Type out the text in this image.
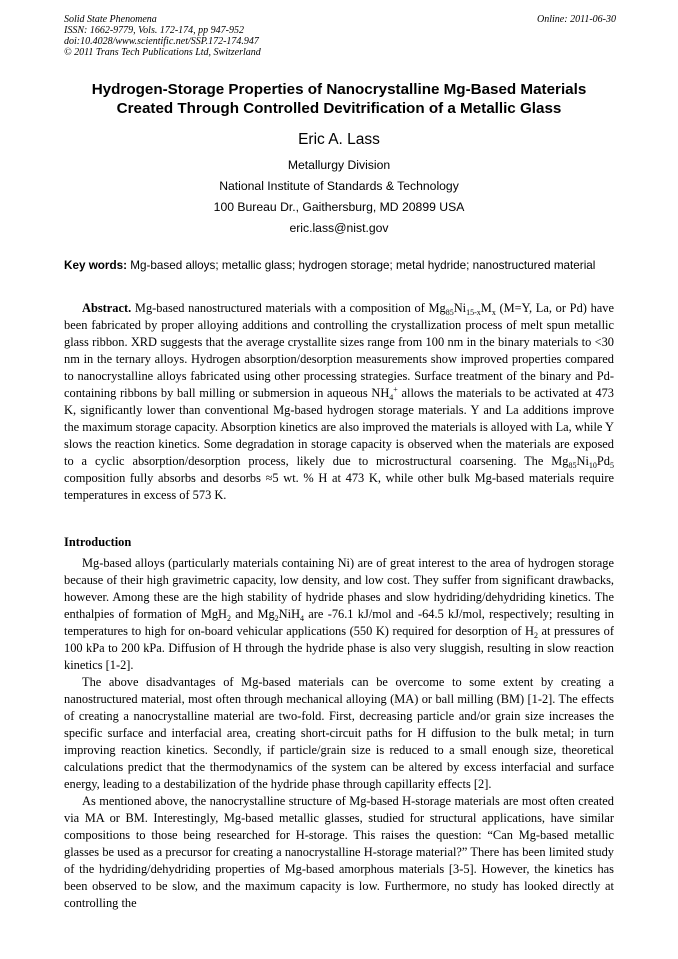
Solid State Phenomena
ISSN: 1662-9779, Vols. 172-174, pp 947-952
doi:10.4028/www.scientific.net/SSP.172-174.947
© 2011 Trans Tech Publications Ltd, Switzerland
Online: 2011-06-30
Hydrogen-Storage Properties of Nanocrystalline Mg-Based Materials
Created Through Controlled Devitrification of a Metallic Glass
Eric A. Lass
Metallurgy Division
National Institute of Standards & Technology
100 Bureau Dr., Gaithersburg, MD 20899 USA
eric.lass@nist.gov
Key words: Mg-based alloys; metallic glass; hydrogen storage; metal hydride; nanostructured material

Abstract. Mg-based nanostructured materials with a composition of $Mg_{85}Ni_{15-x}M_x$ (M=Y, La, or Pd) have been fabricated by proper alloying additions and controlling the crystallization process of melt spun metallic glass ribbon. XRD suggests that the average crystallite sizes range from 100 nm in the binary materials to <30 nm in the ternary alloys. Hydrogen absorption/desorption measurements show improved properties compared to nanocrystalline alloys fabricated using other processing strategies. Surface treatment of the binary and Pd-containing ribbons by ball milling or submersion in aqueous $NH_4^+$ allows the materials to be activated at 473 K, significantly lower than conventional Mg-based hydrogen storage materials. Y and La additions improve the maximum storage capacity. Absorption kinetics are also improved the materials is alloyed with La, while Y slows the reaction kinetics. Some degradation in storage capacity is observed when the materials are exposed to a cyclic absorption/desorption process, likely due to microstructural coarsening. The $Mg_{85}Ni_{10}Pd_5$ composition fully absorbs and desorbs ≈5 wt. % H at 473 K, while other bulk Mg-based materials require temperatures in excess of 573 K.

Introduction

Mg-based alloys (particularly materials containing Ni) are of great interest to the area of hydrogen storage because of their high gravimetric capacity, low density, and low cost. They suffer from significant drawbacks, however. Among these are the high stability of hydride phases and slow hydriding/dehydriding kinetics. The enthalpies of formation of MgH$_2$ and $Mg_2NiH_4$ are -76.1 kJ/mol and -64.5 kJ/mol, respectively; resulting in temperatures to high for on-board vehicular applications (550 K) required for desorption of $H_2$ at pressures of 100 kPa to 200 kPa. Diffusion of H through the hydride phase is also very sluggish, resulting in slow reaction kinetics [1-2].

The above disadvantages of Mg-based materials can be overcome to some extent by creating a nanostructured material, most often through mechanical alloying (MA) or ball milling (BM) [1-2]. The effects of creating a nanocrystalline material are two-fold. First, decreasing particle and/or grain size increases the specific surface and interfacial area, creating short-circuit paths for H diffusion to the bulk metal; in turn improving reaction kinetics. Secondly, if particle/grain size is reduced to a small enough size, theoretical calculations predict that the thermodynamics of the system can be altered by excess interfacial and surface energy, leading to a destabilization of the hydride phase through capillarity effects [2].

As mentioned above, the nanocrystalline structure of Mg-based H-storage materials are most often created via MA or BM. Interestingly, Mg-based metallic glasses, studied for structural applications, have similar compositions to those being researched for H-storage. This raises the question: “Can Mg-based metallic glasses be used as a precursor for creating a nanocrystalline H-storage material?” There has been limited study of the hydriding/dehydriding properties of Mg-based amorphous materials [3-5]. However, the kinetics has been observed to be slow, and the maximum capacity is low. Furthermore, no study has looked directly at controlling the
